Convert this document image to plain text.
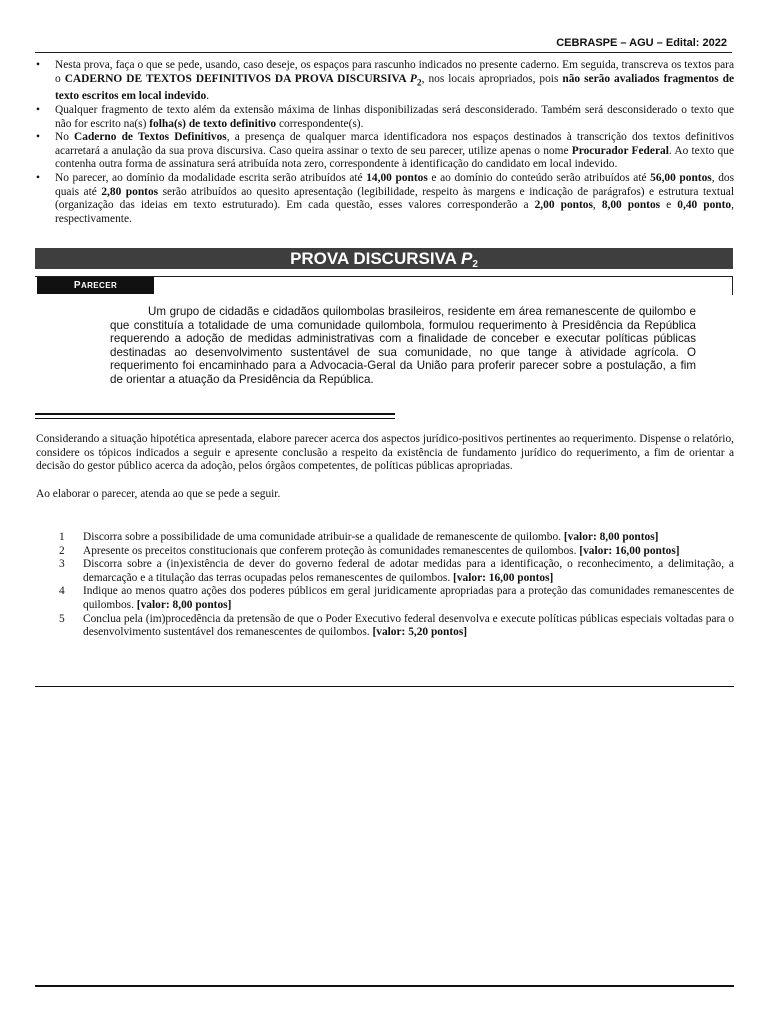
CEBRASPE – AGU – Edital: 2022
• Nesta prova, faça o que se pede, usando, caso deseje, os espaços para rascunho indicados no presente caderno. Em seguida, transcreva os textos para o CADERNO DE TEXTOS DEFINITIVOS DA PROVA DISCURSIVA $P_2$, nos locais apropriados, pois não serão avaliados fragmentos de texto escritos em local indevido.
• Qualquer fragmento de texto além da extensão máxima de linhas disponibilizadas será desconsiderado. Também será desconsiderado o texto que não for escrito na(s) folha(s) de texto definitivo correspondente(s).
• No Caderno de Textos Definitivos, a presença de qualquer marca identificadora nos espaços destinados à transcrição dos textos definitivos acarretará a anulação da sua prova discursiva. Caso queira assinar o texto de seu parecer, utilize apenas o nome Procurador Federal. Ao texto que contenha outra forma de assinatura será atribuída nota zero, correspondente à identificação do candidato em local indevido.
• No parecer, ao domínio da modalidade escrita serão atribuídos até 14,00 pontos e ao domínio do conteúdo serão atribuídos até 56,00 pontos, dos quais até 2,80 pontos serão atribuídos ao quesito apresentação (legibilidade, respeito às margens e indicação de parágrafos) e estrutura textual (organização das ideias em texto estruturado). Em cada questão, esses valores corresponderão a 2,00 pontos, 8,00 pontos e 0,40 ponto, respectivamente.
PROVA DISCURSIVA $P_2$
PARECER

Um grupo de cidadãs e cidadãos quilombolas brasileiros, residente em área remanescente de quilombo e que constituía a totalidade de uma comunidade quilombola, formulou requerimento à Presidência da República requerendo a adoção de medidas administrativas com a finalidade de conceber e executar políticas públicas destinadas ao desenvolvimento sustentável de sua comunidade, no que tange à atividade agrícola. O requerimento foi encaminhado para a Advocacia-Geral da União para proferir parecer sobre a postulação, a fim de orientar a atuação da Presidência da República.

Considerando a situação hipotética apresentada, elabore parecer acerca dos aspectos jurídico-positivos pertinentes ao requerimento. Dispense o relatório, considere os tópicos indicados a seguir e apresente conclusão a respeito da existência de fundamento jurídico do requerimento, a fim de orientar a decisão do gestor público acerca da adoção, pelos órgãos competentes, de políticas públicas apropriadas.

Ao elaborar o parecer, atenda ao que se pede a seguir.

1 Discorra sobre a possibilidade de uma comunidade atribuir-se a qualidade de remanescente de quilombo. [valor: 8,00 pontos]
2 Apresente os preceitos constitucionais que conferem proteção às comunidades remanescentes de quilombos. [valor: 16,00 pontos]
3 Discorra sobre a (in)existência de dever do governo federal de adotar medidas para a identificação, o reconhecimento, a delimitação, a demarcação e a titulação das terras ocupadas pelos remanescentes de quilombos. [valor: 16,00 pontos]
4 Indique ao menos quatro ações dos poderes públicos em geral juridicamente apropriadas para a proteção das comunidades remanescentes de quilombos. [valor: 8,00 pontos]
5 Conclua pela (im)procedência da pretensão de que o Poder Executivo federal desenvolva e execute políticas públicas especiais voltadas para o desenvolvimento sustentável dos remanescentes de quilombos. [valor: 5,20 pontos]
